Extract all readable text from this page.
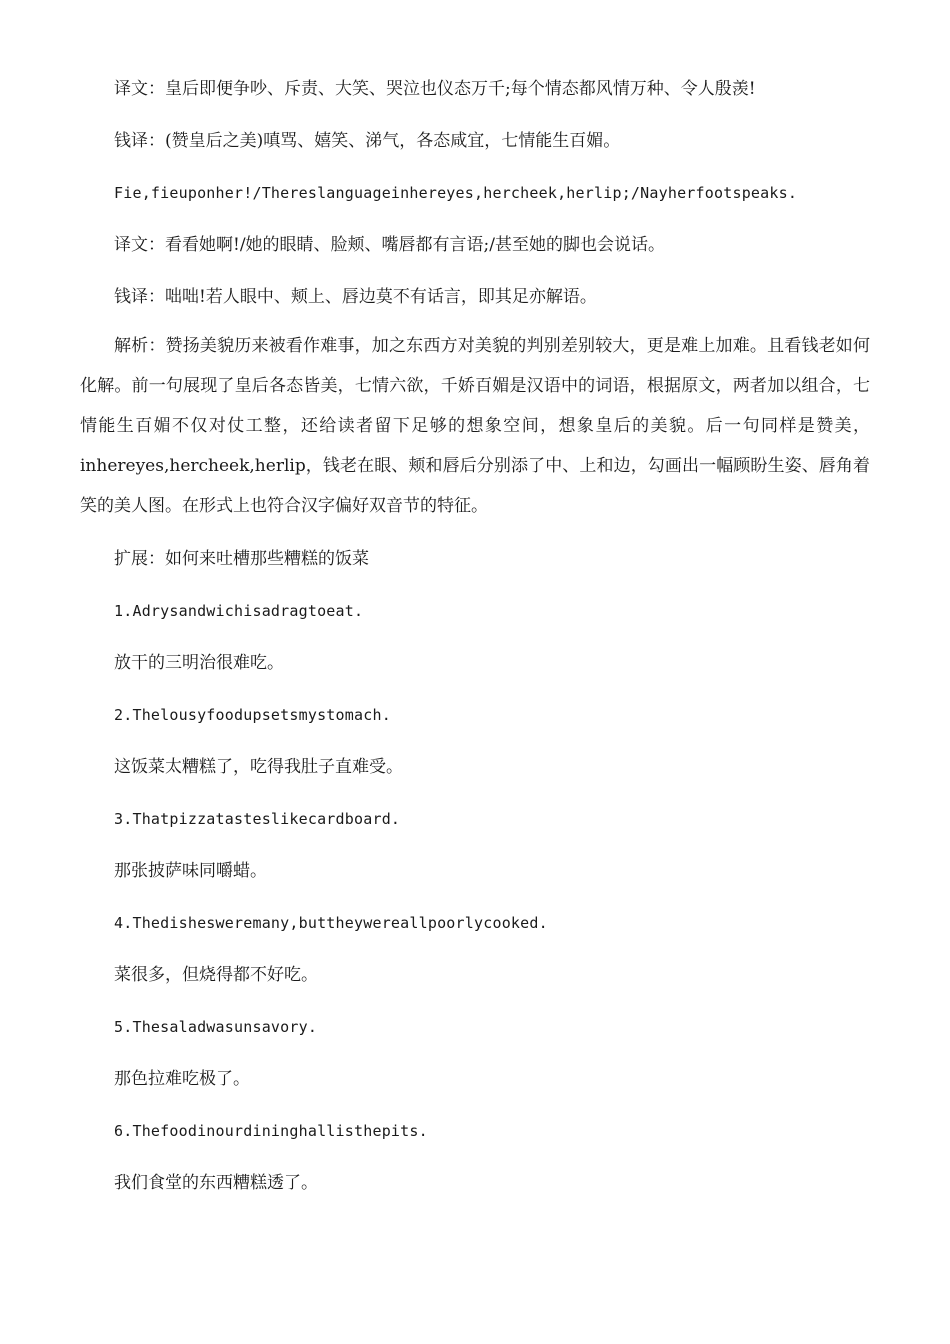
译文：皇后即便争吵、斥责、大笑、哭泣也仪态万千;每个情态都风情万种、令人殷羡!

钱译：(赞皇后之美)嗔骂、嬉笑、涕气，各态咸宜，七情能生百媚。

Fie,fieuponher!/Thereslanguageinhereyes,hercheek,herlip;/Nayherfootspeaks.

译文：看看她啊!/她的眼睛、脸颊、嘴唇都有言语;/甚至她的脚也会说话。

钱译：咄咄!若人眼中、颊上、唇边莫不有话言，即其足亦解语。

解析：赞扬美貌历来被看作难事，加之东西方对美貌的判别差别较大，更是难上加难。且看钱老如何化解。前一句展现了皇后各态皆美，七情六欲，千娇百媚是汉语中的词语，根据原文，两者加以组合，七情能生百媚不仅对仗工整，还给读者留下足够的想象空间，想象皇后的美貌。后一句同样是赞美，inhereyes,hercheek,herlip，钱老在眼、颊和唇后分别添了中、上和边，勾画出一幅顾盼生姿、唇角着笑的美人图。在形式上也符合汉字偏好双音节的特征。

扩展：如何来吐槽那些糟糕的饭菜

1.Adrysandwichisadragtoeat.

放干的三明治很难吃。

2.Thelousyfoodupsetsmystomach.

这饭菜太糟糕了，吃得我肚子直难受。

3.Thatpizzatasteslikecardboard.

那张披萨味同嚼蜡。

4.Thedishesweremany,buttheywereallpoorlycooked.

菜很多，但烧得都不好吃。

5.Thesaladwasunsavory.

那色拉难吃极了。

6.Thefoodinourdininghallisthepits.

我们食堂的东西糟糕透了。
